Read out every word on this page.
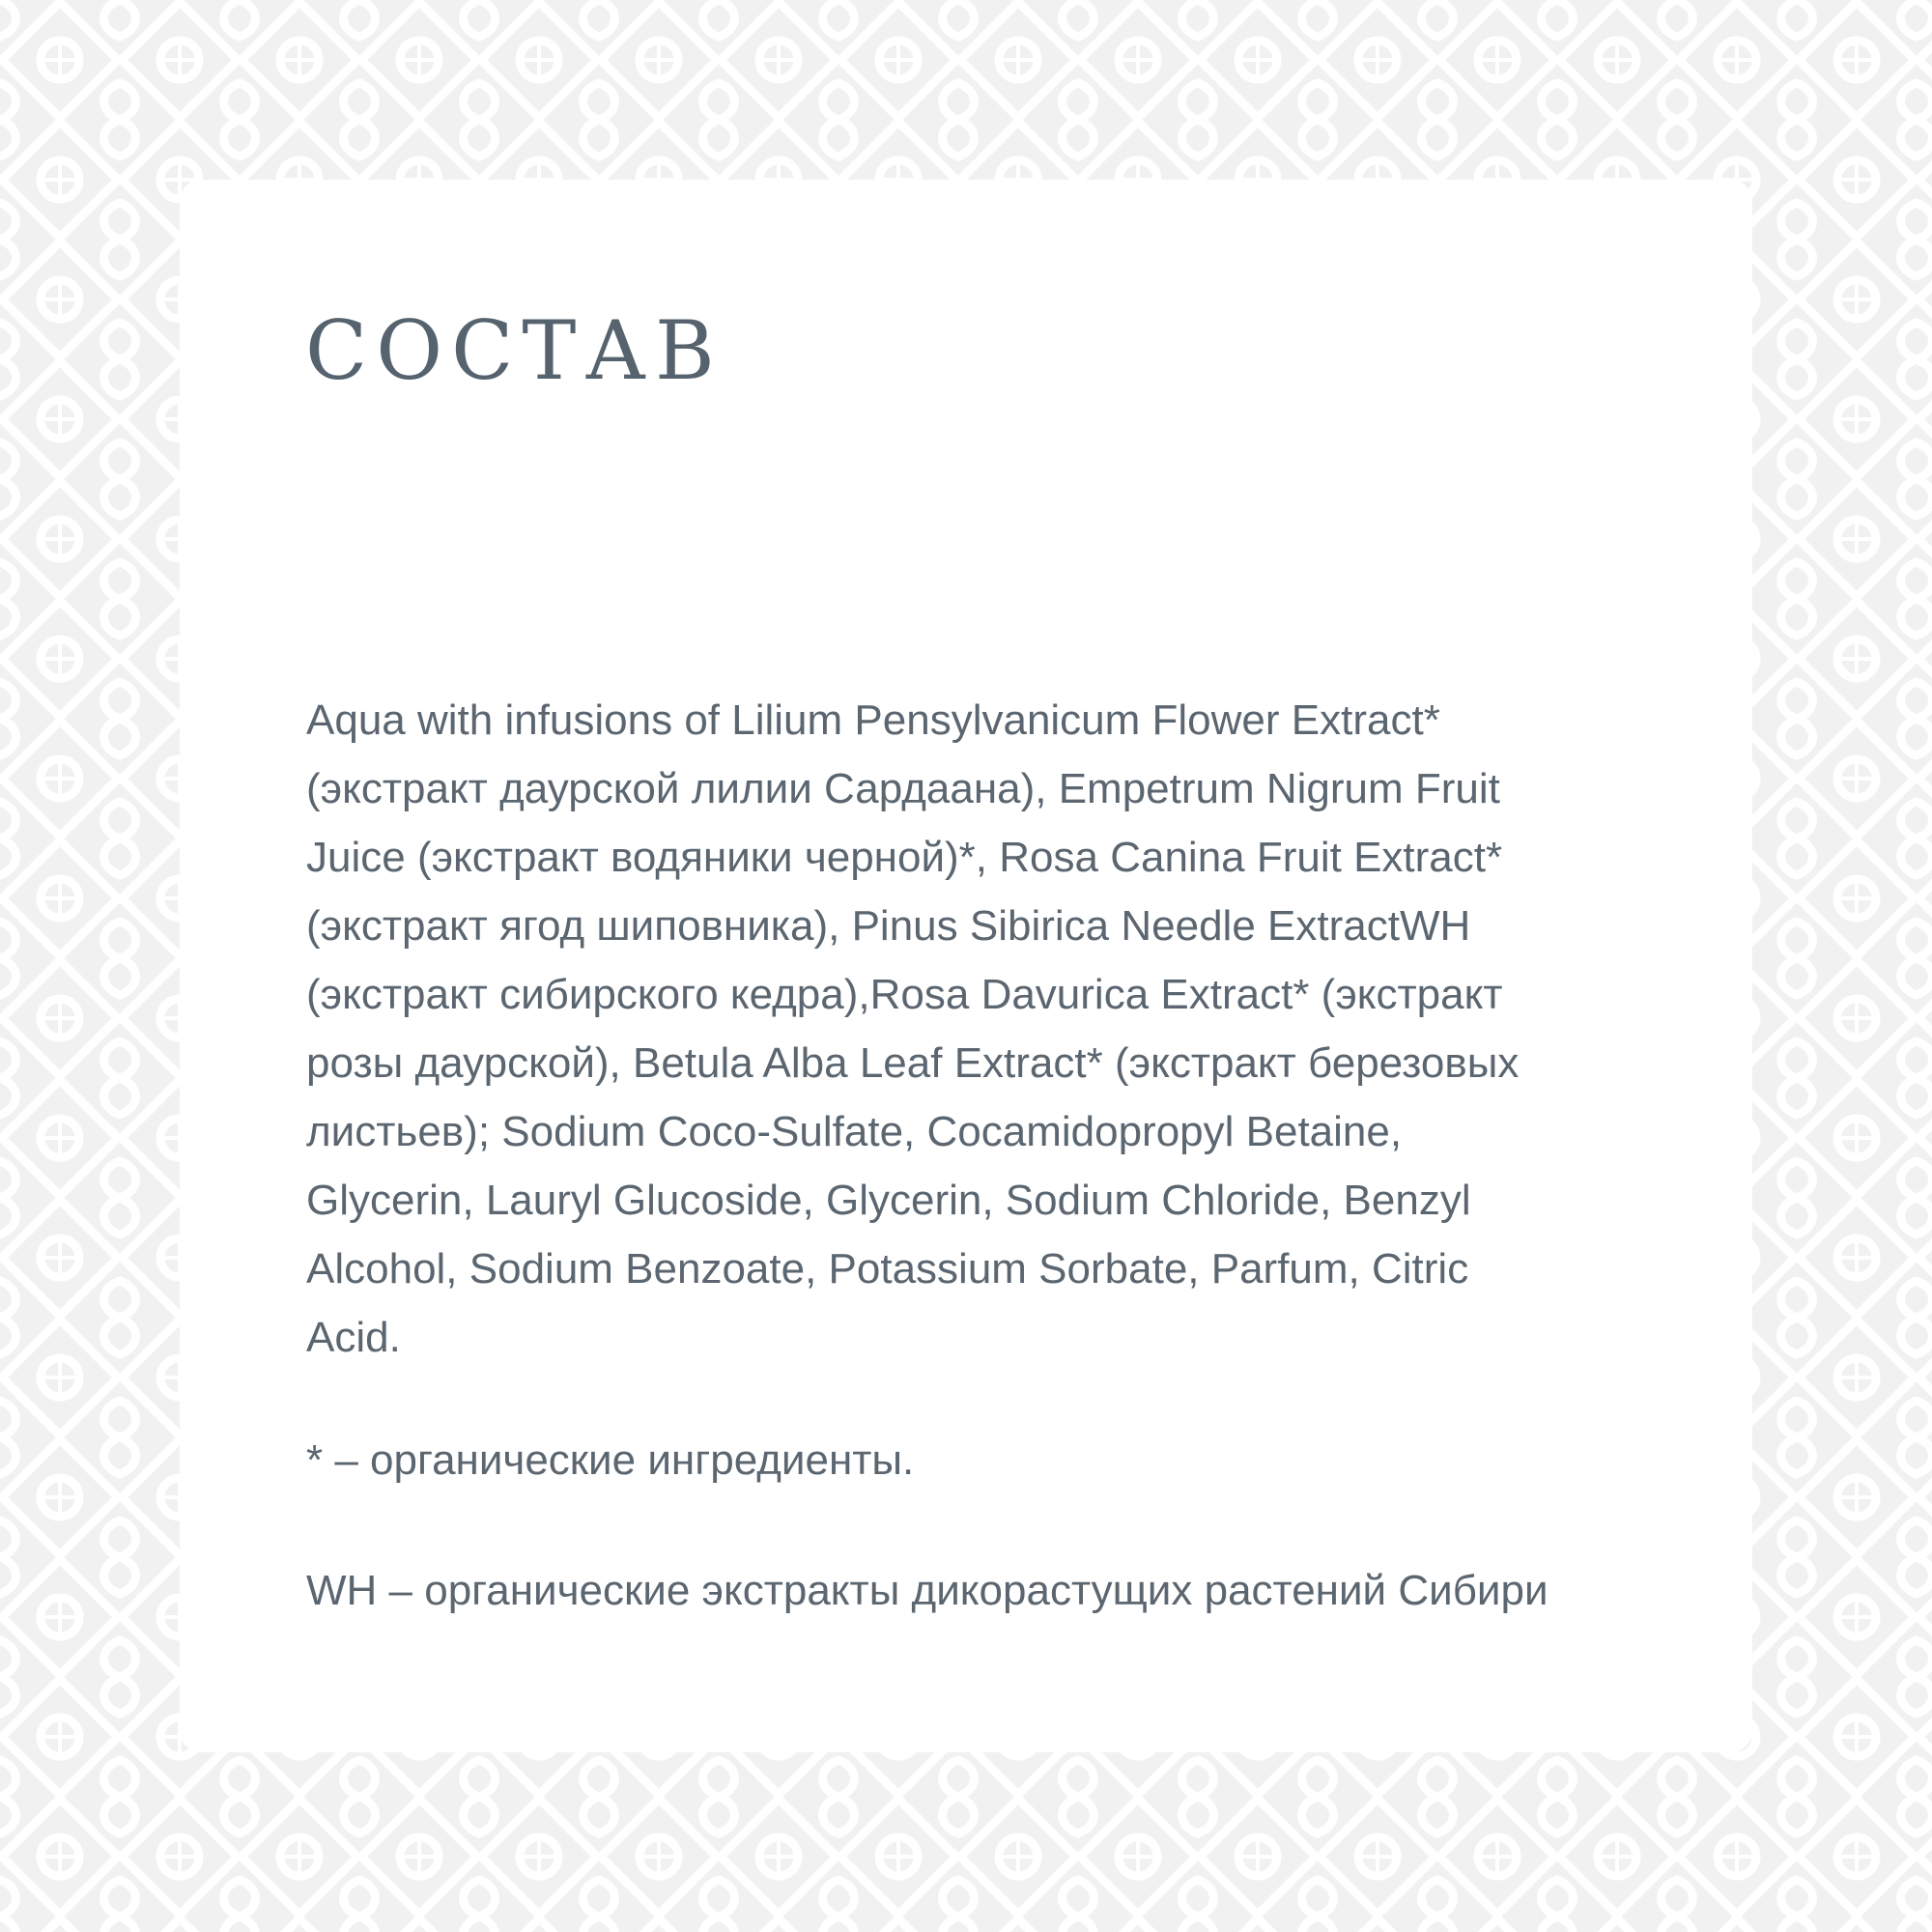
СОСТАВ
Aqua with infusions of Lilium Pensylvanicum Flower Extract*
(экстракт даурской лилии Сардаана), Empetrum Nigrum Fruit
Juice (экстракт водяники черной)*, Rosa Canina Fruit Extract*
(экстракт ягод шиповника), Pinus Sibirica Needle ExtractWH
(экстракт сибирского кедра),Rosa Davurica Extract* (экстракт
розы даурской), Betula Alba Leaf Extract* (экстракт березовых
листьев); Sodium Coco-Sulfate, Cocamidopropyl Betaine,
Glycerin, Lauryl Glucoside, Glycerin, Sodium Chloride, Benzyl
Alcohol, Sodium Benzoate, Potassium Sorbate, Parfum, Citric
Acid.
* – органические ингредиенты.
WH – органические экстракты дикорастущих растений Сибири
